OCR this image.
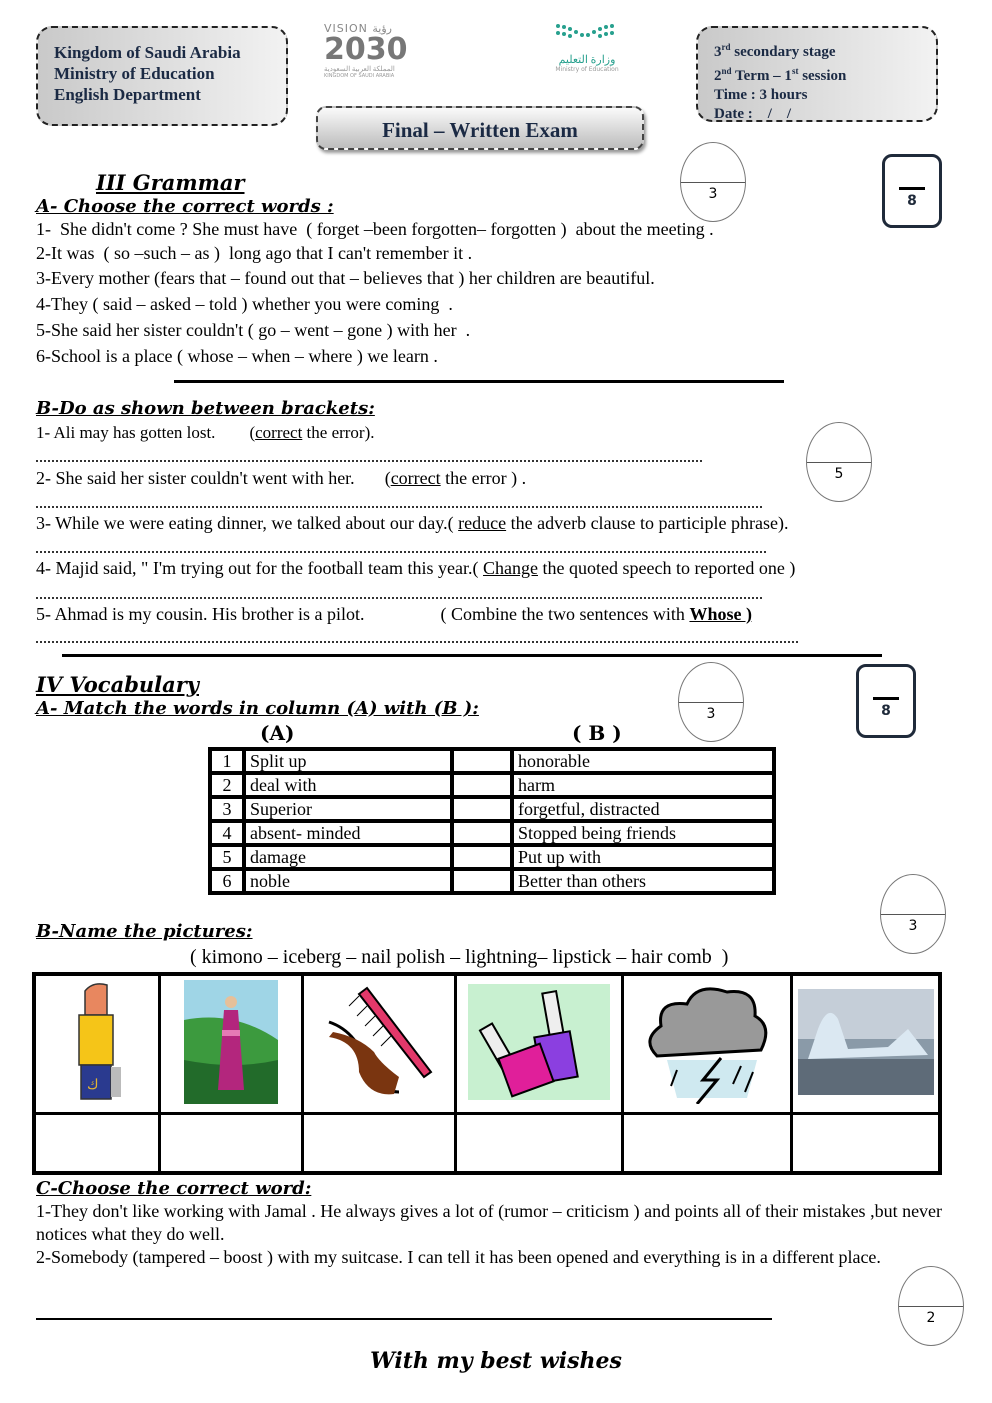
Kingdom of Saudi Arabia
Ministry of Education
English Department
VISION رؤية
2030
المملكة العربية السعودية
KINGDOM OF SAUDI ARABIA
وزارة التعليم
Ministry of Education
Final – Written Exam
3rd secondary stage
2nd Term – 1st session
Time : 3 hours
Date :    /    /
III Grammar
A- Choose the correct words :
3	8
1-  She didn't come ? She must have  ( forget –been forgotten– forgotten )  about the meeting .
2-It was  ( so –such – as )  long ago that I can't remember it .
3-Every mother (fears that – found out that – believes that ) her children are beautiful.
4-They ( said – asked – told ) whether you were coming  .
5-She said her sister couldn't ( go – went – gone ) with her  .
6-School is a place ( whose – when – where ) we learn .
B-Do as shown between brackets:
5
1- Ali may has gotten lost. (correct the error).
2- She said her sister couldn't went with her. (correct the error ) .
3- While we were eating dinner, we talked about our day.( reduce the adverb clause to participle phrase).
4- Majid said, " I'm trying out for the football team this year.( Change the quoted speech to reported one )
5- Ahmad is my cousin. His brother is a pilot.	( Combine the two sentences with Whose )
IV Vocabulary
A- Match the words in column (A) with (B ):	3	8
(A)	( B )
1	Split up		honorable
2	deal with		harm
3	Superior		forgetful, distracted
4	absent- minded		Stopped being friends
5	damage		Put up with
6	noble		Better than others
3
B-Name the pictures:
( kimono – iceberg – nail polish – lightning– lipstick – hair comb  )
ك

C-Choose the correct word:
1-They don't like working with Jamal . He always gives a lot of (rumor – criticism ) and points all of their mistakes ,but never notices what they do well.
2-Somebody (tampered – boost ) with my suitcase. I can tell it has been opened and everything is in a different place.
2
With my best wishes
